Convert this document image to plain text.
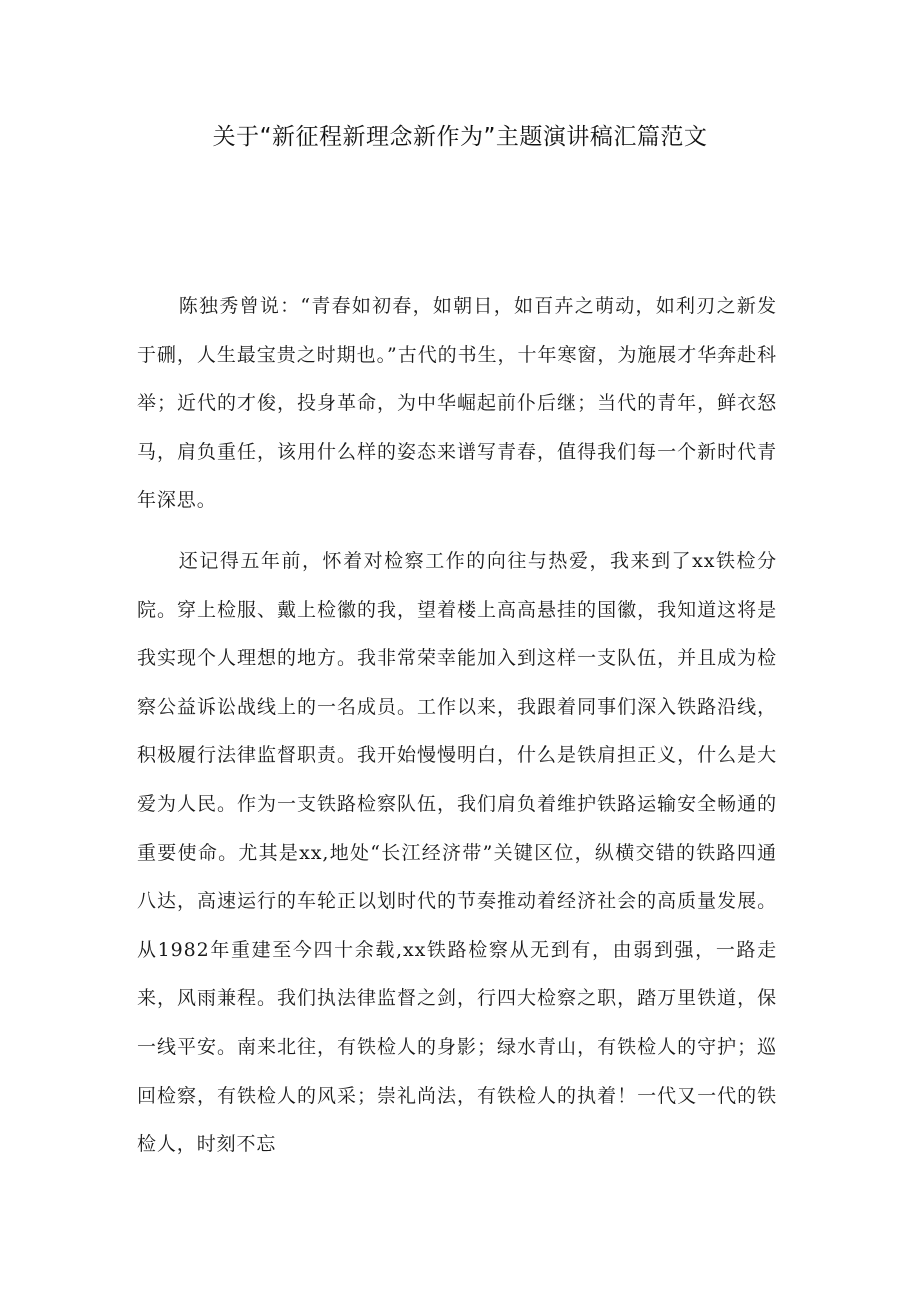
关于“新征程新理念新作为”主题演讲稿汇篇范文

陈独秀曾说：“青春如初春，如朝日，如百卉之萌动，如利刃之新发于硎，人生最宝贵之时期也。”古代的书生，十年寒窗，为施展才华奔赴科举；近代的才俊，投身革命，为中华崛起前仆后继；当代的青年，鲜衣怒马，肩负重任，该用什么样的姿态来谱写青春，值得我们每一个新时代青年深思。

还记得五年前，怀着对检察工作的向往与热爱，我来到了xx铁检分院。穿上检服、戴上检徽的我，望着楼上高高悬挂的国徽，我知道这将是我实现个人理想的地方。我非常荣幸能加入到这样一支队伍，并且成为检察公益诉讼战线上的一名成员。工作以来，我跟着同事们深入铁路沿线，积极履行法律监督职责。我开始慢慢明白，什么是铁肩担正义，什么是大爱为人民。作为一支铁路检察队伍，我们肩负着维护铁路运输安全畅通的重要使命。尤其是xx,地处“长江经济带”关键区位，纵横交错的铁路四通八达，高速运行的车轮正以划时代的节奏推动着经济社会的高质量发展。从1982年重建至今四十余载,xx铁路检察从无到有，由弱到强，一路走来，风雨兼程。我们执法律监督之剑，行四大检察之职，踏万里铁道，保一线平安。南来北往，有铁检人的身影；绿水青山，有铁检人的守护；巡回检察，有铁检人的风采；崇礼尚法，有铁检人的执着！一代又一代的铁检人，时刻不忘
